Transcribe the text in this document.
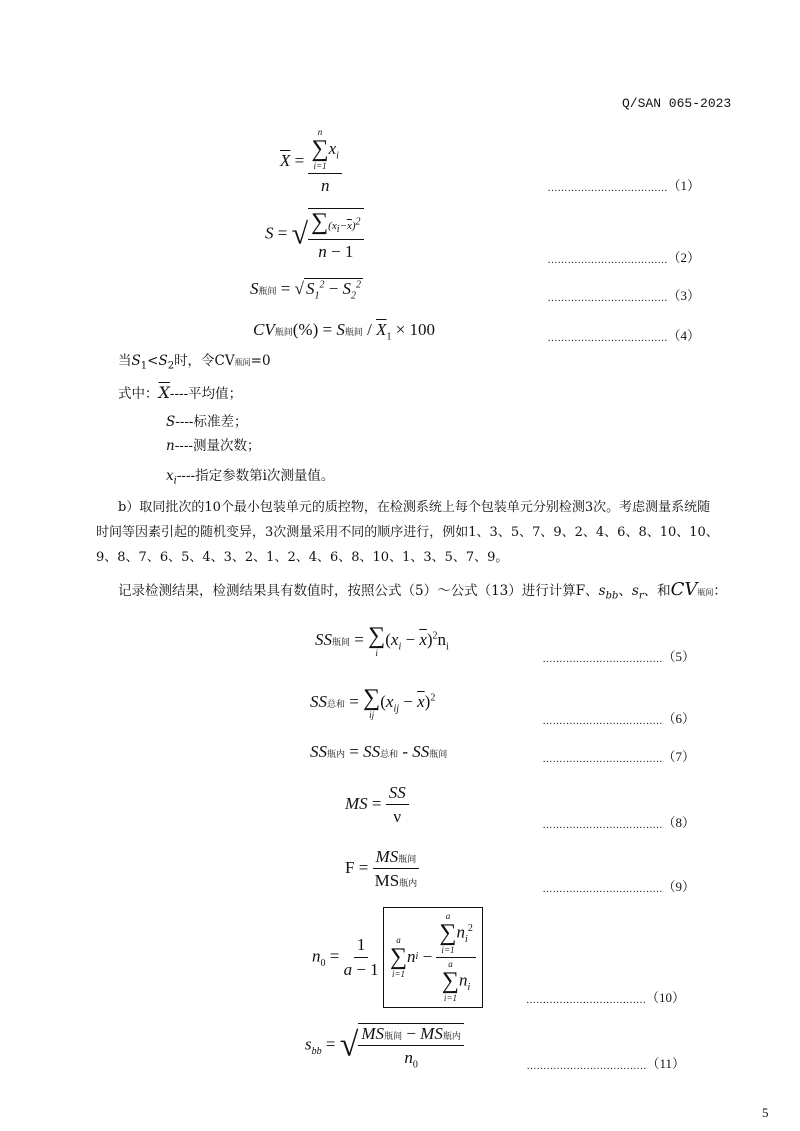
Q/SAN 065-2023
$\overline{X} = n$
∑
i=1
$x_i$
n	……………………………… （1）
S = √ $\frac{\sum(x_i-\overline{x})^2}{n - 1}$	……………………………… （2）
S瓶间 = √ $S_1^2 - S_2^2$
……………………………… （3）
CV瓶间(%) = S瓶间 / $\overline{X}_1 \times 100$	……………………………… （4）
当$S_1<S_2$时，令CV瓶间=0
式中：$\overline{X}----$平均值；
S----标准差；
n----测量次数；
$x_i----$指定参数第i次测量值。
b）取同批次的10个最小包装单元的质控物，在检测系统上每个包装单元分别检测3次。考虑测量系统随时间等因素引起的随机变异，3次测量采用不同的顺序进行，例如1、3、5、7、9、2、4、6、8、10、10、9、8、7、6、5、4、3、2、1、2、4、6、8、10、1、3、5、7、9。
记录检测结果，检测结果具有数值时，按照公式（5）～公式（13）进行计算F、$s_{bb}$、$s_r$、和CV瓶间：
SS瓶间 = ∑
i
$(x_i - \overline{x})^2n_i$
……………………………… （5）
SS总和 = ∑
ij
$(x_{ij} - \overline{x})^2$
……………………………… （6）
SS瓶内 = SS总和 - SS瓶间	……………………………… （7）
MS = $\frac{SS}{\nu}$	……………………………… （8）
$F = \frac{\text{MS瓶间}}{\text{MS瓶内}}$	……………………………… （9）
$n_0 = \frac{1}{a - 1}$
a
∑
i=1
n i
−
a
∑
i=1
$n_i^2$
a
∑
i=1
$n_i$	……………………………… （10）
$s_{bb}$ = √ $\frac{\text{MS瓶间 − MS瓶内}}{n_0}$	……………………………… （11）
5
